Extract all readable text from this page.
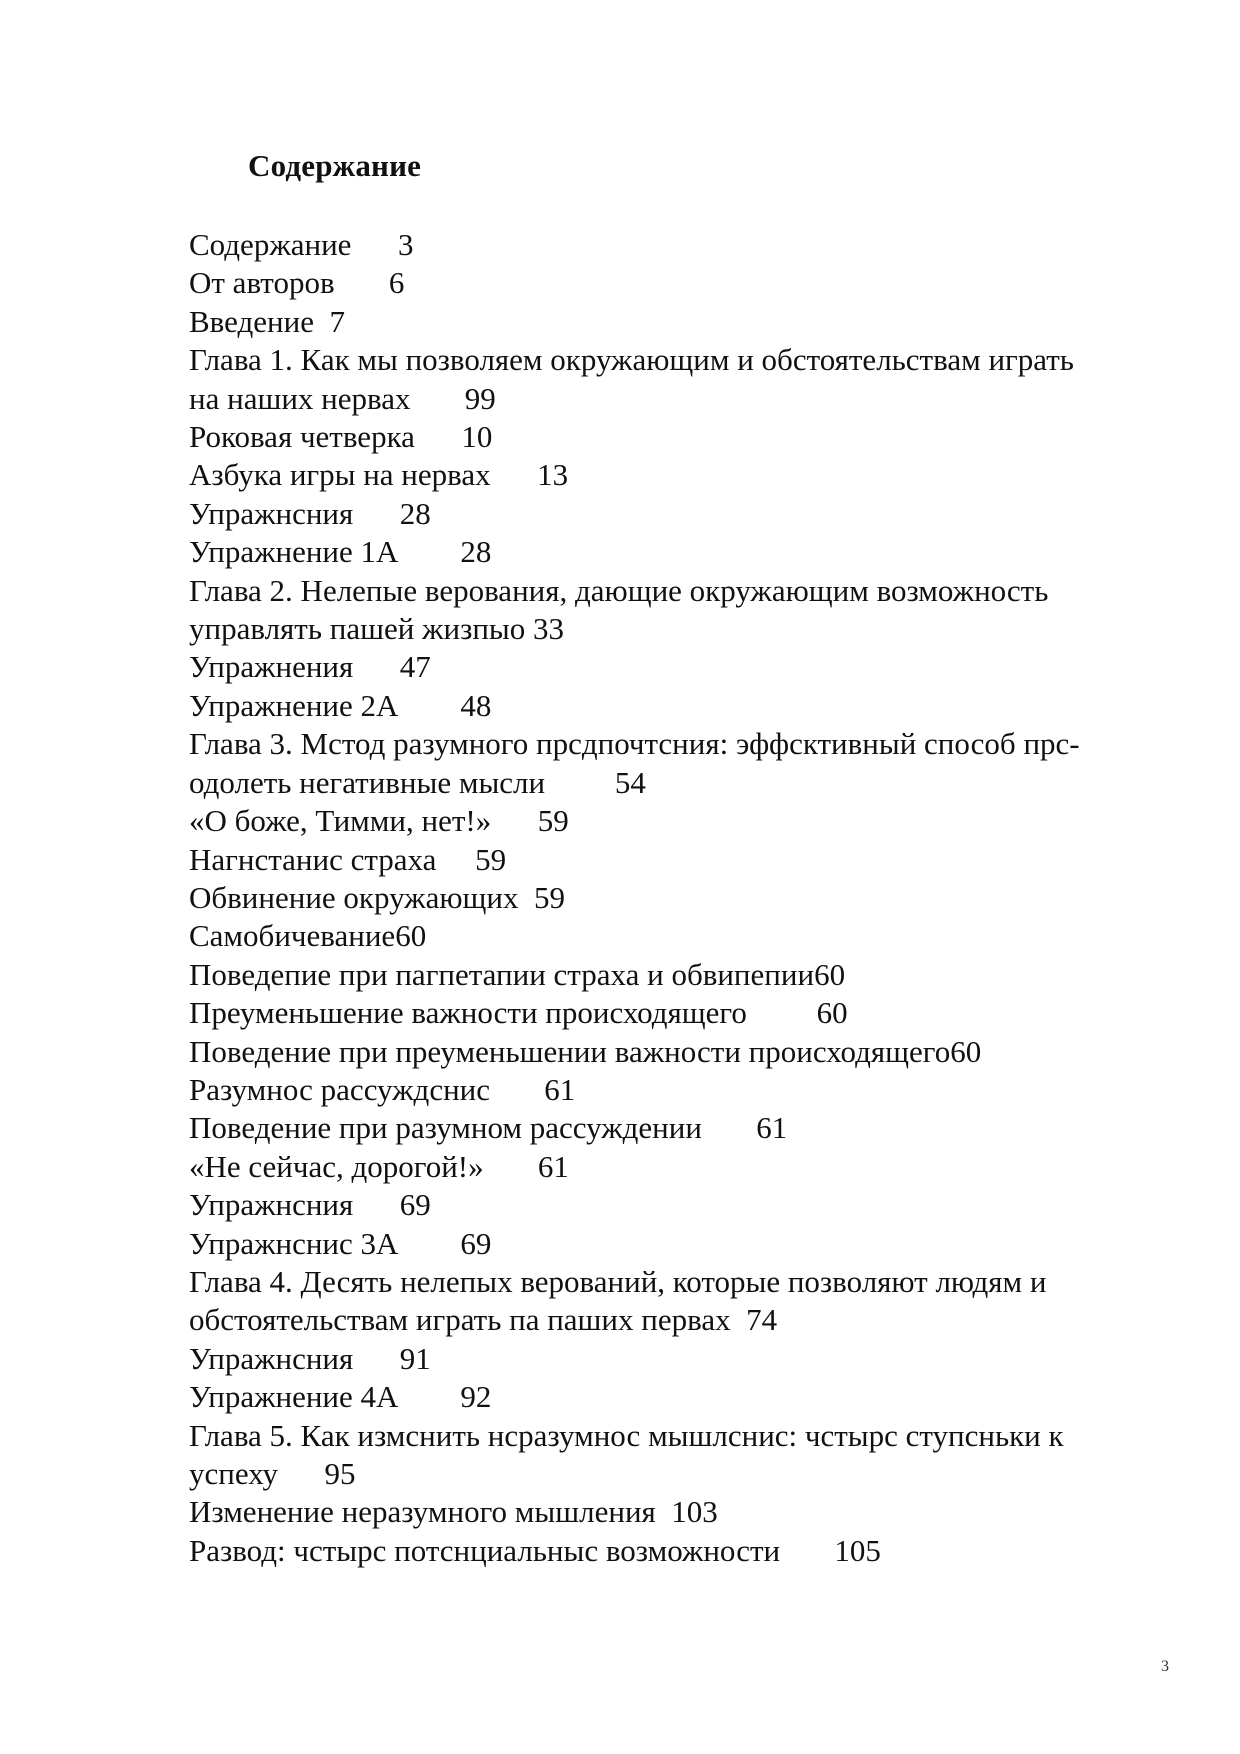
Содержание
Содержание 3
От авторов 6
Введение 7
Глава 1. Как мы позволяем окружающим и обстоятельствам играть
на наших нервах 99
Роковая четверка 10
Азбука игры на нервах 13
Упражнсния 28
Упражнение 1А 28
Глава 2. Нелепые верования, дающие окружающим возможность
управлять пашей жизпыо 33
Упражнения 47
Упражнение 2А 48
Глава 3. Мстод разумного прсдпочтсния: эффсктивный способ прс-
одолеть негативные мысли 54
«О боже, Тимми, нет!» 59
Нагнстанис страха 59
Обвинение окружающих 59
Самобичевание60
Поведепие при пагпетапии страха и обвипепии60
Преуменьшение важности происходящего 60
Поведение при преуменьшении важности происходящего60
Разумнос рассуждснис 61
Поведение при разумном рассуждении 61
«Не сейчас, дорогой!» 61
Упражнсния 69
Упражнснис 3А 69
Глава 4. Десять нелепых верований, которые позволяют людям и
обстоятельствам играть па паших первах 74
Упражнсния 91
Упражнение 4А 92
Глава 5. Как измснить нсразумнос мышлснис: чстырс ступсньки к
успеху 95
Изменение неразумного мышления 103
Развод: чстырс потснциальныс возможности 105
3
